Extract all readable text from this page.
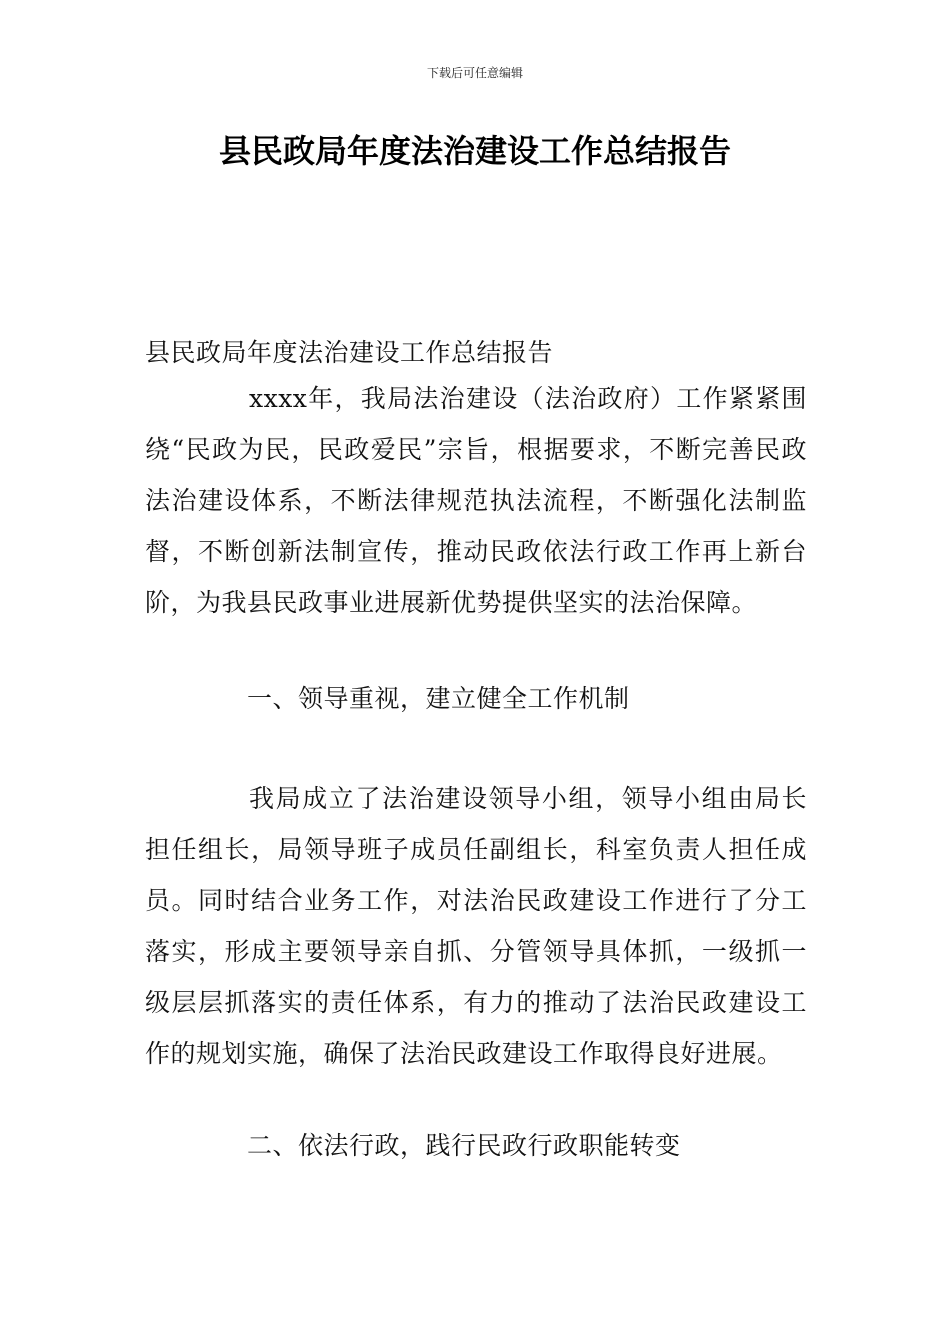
下载后可任意编辑
县民政局年度法治建设工作总结报告

县民政局年度法治建设工作总结报告

xxxx年，我局法治建设（法治政府）工作紧紧围绕“民政为民，民政爱民”宗旨，根据要求，不断完善民政法治建设体系，不断法律规范执法流程，不断强化法制监督，不断创新法制宣传，推动民政依法行政工作再上新台阶，为我县民政事业进展新优势提供坚实的法治保障。

一、领导重视，建立健全工作机制

我局成立了法治建设领导小组，领导小组由局长担任组长，局领导班子成员任副组长，科室负责人担任成员。同时结合业务工作，对法治民政建设工作进行了分工落实，形成主要领导亲自抓、分管领导具体抓，一级抓一级层层抓落实的责任体系，有力的推动了法治民政建设工作的规划实施，确保了法治民政建设工作取得良好进展。

二、依法行政，践行民政行政职能转变
